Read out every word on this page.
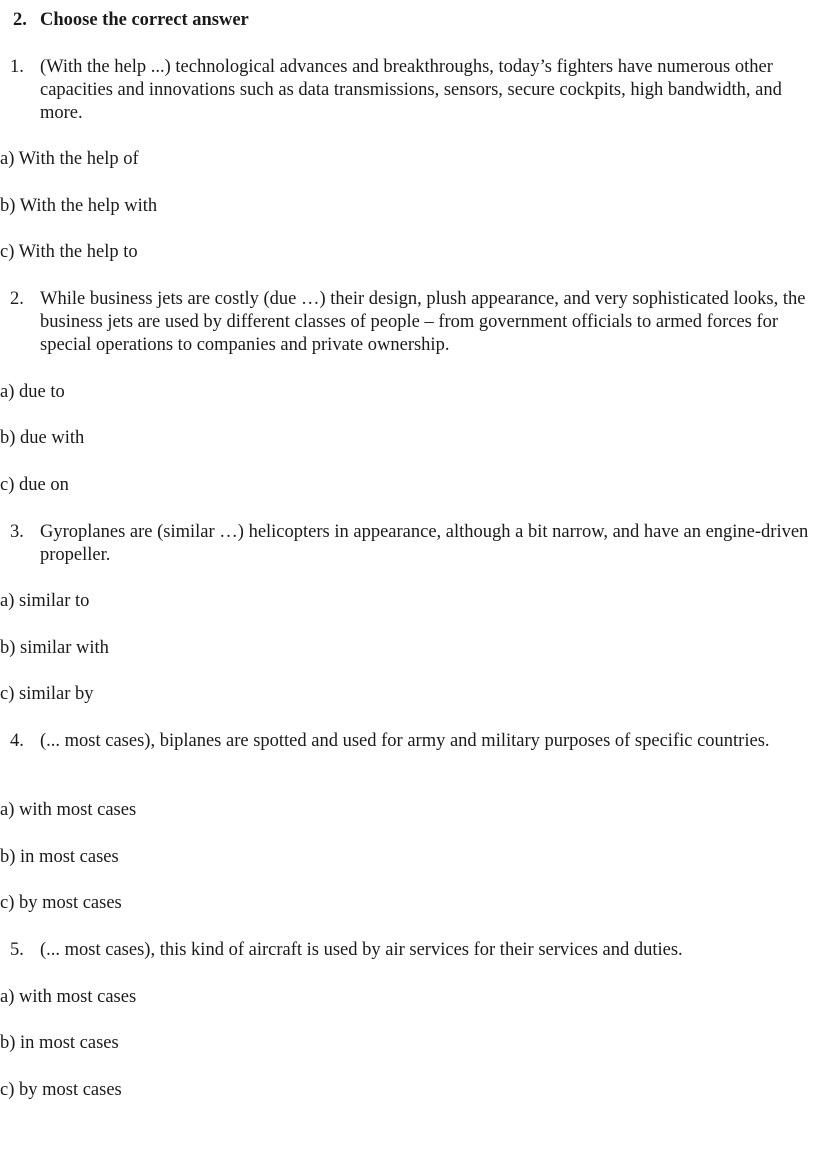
2. Choose the correct answer
1. (With the help ...) technological advances and breakthroughs, today’s fighters have numerous other capacities and innovations such as data transmissions, sensors, secure cockpits, high bandwidth, and more.
a) With the help of
b) With the help with
c) With the help to
2. While business jets are costly (due …) their design, plush appearance, and very sophisticated looks, the business jets are used by different classes of people – from government officials to armed forces for special operations to companies and private ownership.
a) due to
b) due with
c) due on
3. Gyroplanes are (similar …) helicopters in appearance, although a bit narrow, and have an engine-driven propeller.
a) similar to
b) similar with
c) similar by
4. (... most cases), biplanes are spotted and used for army and military purposes of specific countries.
a) with most cases
b) in most cases
c) by most cases
5. (... most cases), this kind of aircraft is used by air services for their services and duties.
a) with most cases
b) in most cases
c) by most cases
